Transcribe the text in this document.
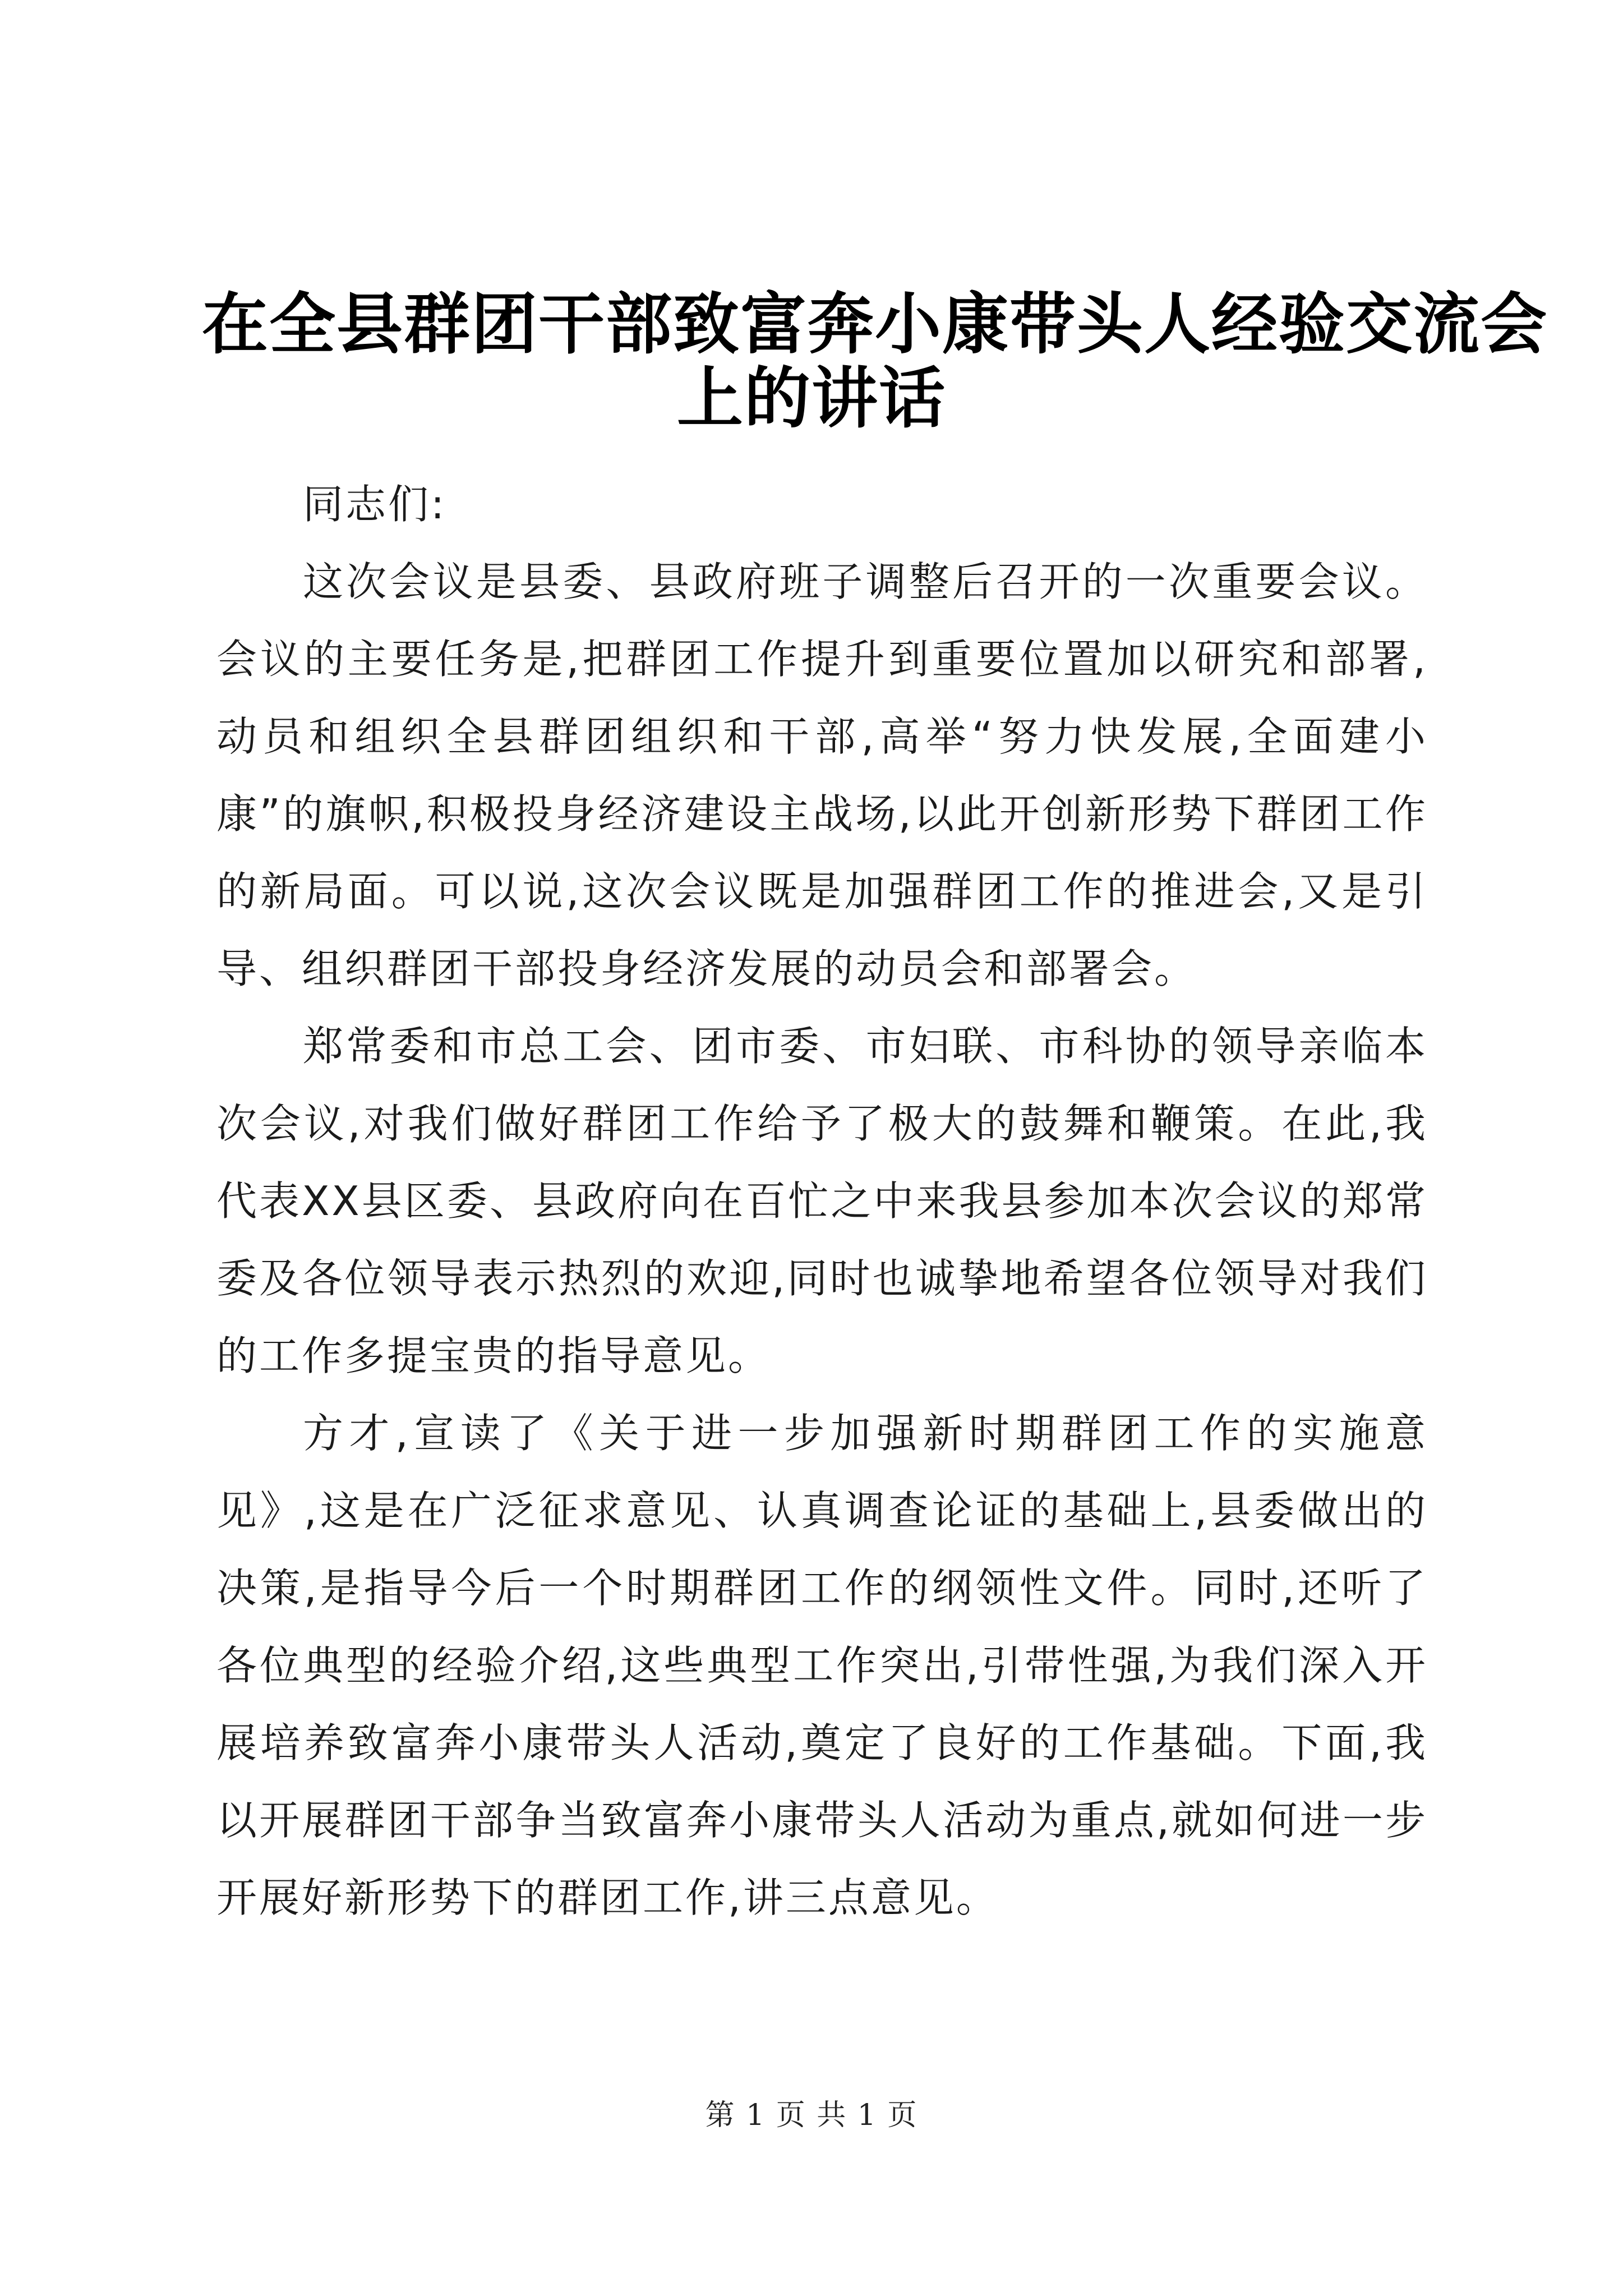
在全县群团干部致富奔小康带头人经验交流会
上的讲话

同志们:

这次会议是县委、县政府班子调整后召开的一次重要会议。会议的主要任务是,把群团工作提升到重要位置加以研究和部署,动员和组织全县群团组织和干部,高举“努力快发展,全面建小康”的旗帜,积极投身经济建设主战场,以此开创新形势下群团工作的新局面。可以说,这次会议既是加强群团工作的推进会,又是引导、组织群团干部投身经济发展的动员会和部署会。

郑常委和市总工会、团市委、市妇联、市科协的领导亲临本次会议,对我们做好群团工作给予了极大的鼓舞和鞭策。在此,我代表XX县区委、县政府向在百忙之中来我县参加本次会议的郑常委及各位领导表示热烈的欢迎,同时也诚挚地希望各位领导对我们的工作多提宝贵的指导意见。

方才,宣读了《关于进一步加强新时期群团工作的实施意见》,这是在广泛征求意见、认真调查论证的基础上,县委做出的决策,是指导今后一个时期群团工作的纲领性文件。同时,还听了各位典型的经验介绍,这些典型工作突出,引带性强,为我们深入开展培养致富奔小康带头人活动,奠定了良好的工作基础。下面,我以开展群团干部争当致富奔小康带头人活动为重点,就如何进一步开展好新形势下的群团工作,讲三点意见。

第 1 页 共 1 页
